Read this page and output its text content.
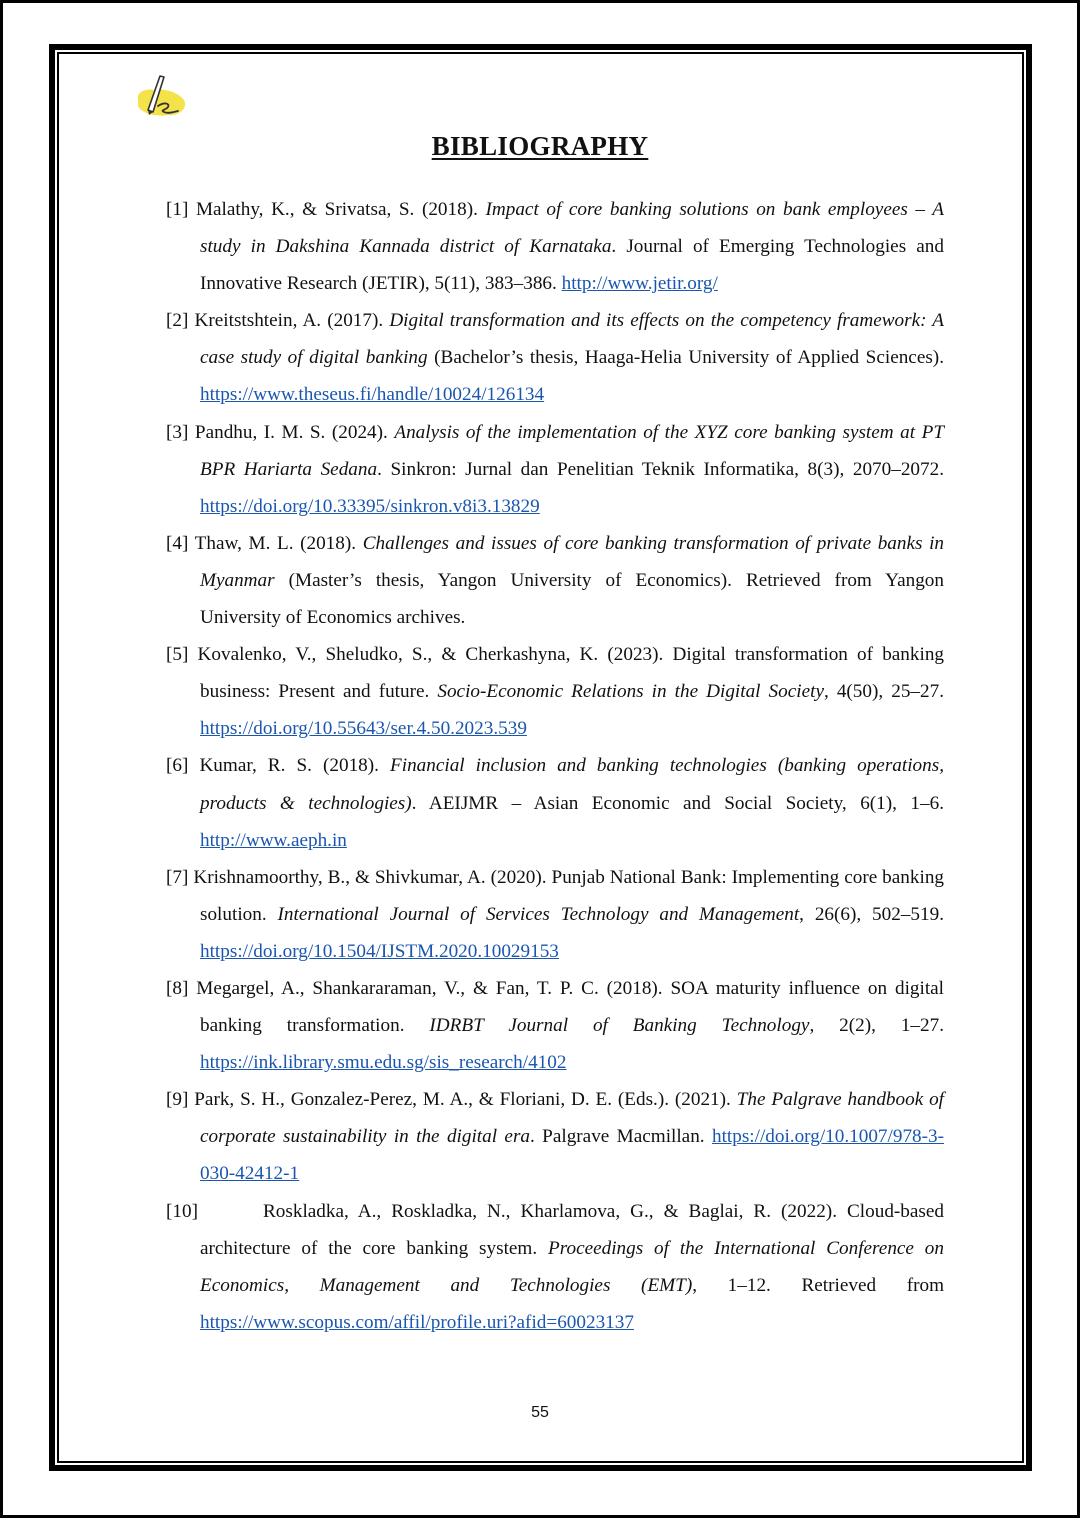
BIBLIOGRAPHY
[1] Malathy, K., & Srivatsa, S. (2018). Impact of core banking solutions on bank employees – A study in Dakshina Kannada district of Karnataka. Journal of Emerging Technologies and Innovative Research (JETIR), 5(11), 383–386. http://www.jetir.org/
[2] Kreitstshtein, A. (2017). Digital transformation and its effects on the competency framework: A case study of digital banking (Bachelor’s thesis, Haaga-Helia University of Applied Sciences). https://www.theseus.fi/handle/10024/126134
[3] Pandhu, I. M. S. (2024). Analysis of the implementation of the XYZ core banking system at PT BPR Hariarta Sedana. Sinkron: Jurnal dan Penelitian Teknik Informatika, 8(3), 2070–2072. https://doi.org/10.33395/sinkron.v8i3.13829
[4] Thaw, M. L. (2018). Challenges and issues of core banking transformation of private banks in Myanmar (Master’s thesis, Yangon University of Economics). Retrieved from Yangon University of Economics archives.
[5] Kovalenko, V., Sheludko, S., & Cherkashyna, K. (2023). Digital transformation of banking business: Present and future. Socio-Economic Relations in the Digital Society, 4(50), 25–27. https://doi.org/10.55643/ser.4.50.2023.539
[6] Kumar, R. S. (2018). Financial inclusion and banking technologies (banking operations, products & technologies). AEIJMR – Asian Economic and Social Society, 6(1), 1–6. http://www.aeph.in
[7] Krishnamoorthy, B., & Shivkumar, A. (2020). Punjab National Bank: Implementing core banking solution. International Journal of Services Technology and Management, 26(6), 502–519. https://doi.org/10.1504/IJSTM.2020.10029153
[8] Megargel, A., Shankararaman, V., & Fan, T. P. C. (2018). SOA maturity influence on digital banking transformation. IDRBT Journal of Banking Technology, 2(2), 1–27. https://ink.library.smu.edu.sg/sis_research/4102
[9] Park, S. H., Gonzalez-Perez, M. A., & Floriani, D. E. (Eds.). (2021). The Palgrave handbook of corporate sustainability in the digital era. Palgrave Macmillan. https://doi.org/10.1007/978-3-030-42412-1
[10]	Roskladka, A., Roskladka, N., Kharlamova, G., & Baglai, R. (2022). Cloud-based architecture of the core banking system. Proceedings of the International Conference on Economics, Management and Technologies (EMT), 1–12. Retrieved from https://www.scopus.com/affil/profile.uri?afid=60023137
55
